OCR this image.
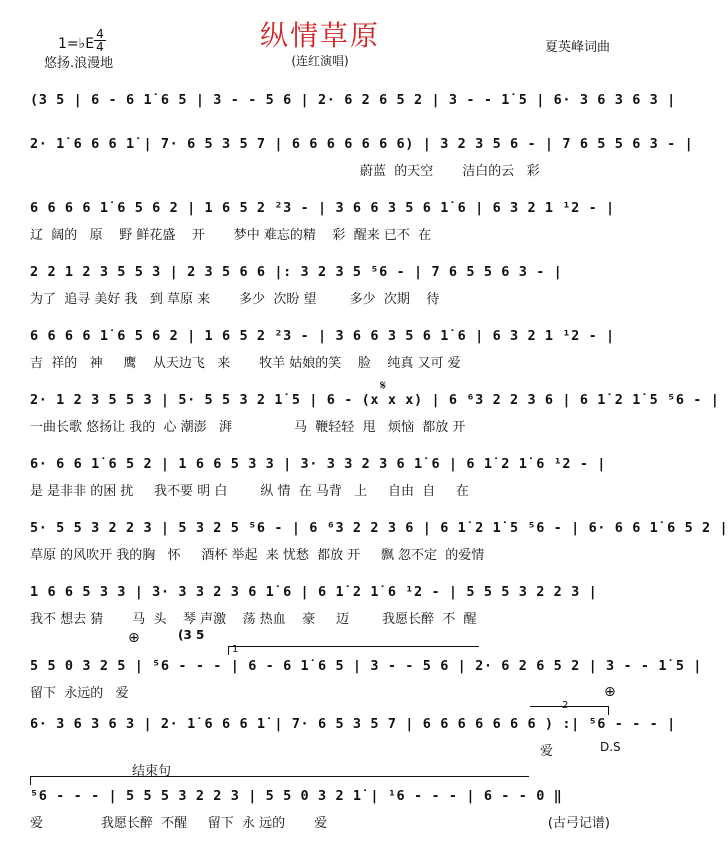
纵情草原
1=♭E
4
4
悠扬.浪漫地
夏英峰词曲
(连红演唱)
(3 5 | 6 - 6 1̇ 6 5 | 3 - - 5 6 | 2· 6 2 6 5 2 | 3 - - 1̇ 5 | 6· 3 6 3 6 3 |
2· 1̇ 6 6 6 1̇ | 7· 6 5 3 5 7 | 6 6 6 6 6 6 6) | 3 2 3 5 6 - | 7 6 5 5 6 3 - |
蔚蓝  的天空       洁白的云   彩
6 6 6 6 1̇ 6 5 6 2 | 1 6 5 2 ²3 - | 3 6 6 3 5 6 1̇ 6 | 6 3 2 1 ¹2 - |
辽  阔的   原    野 鲜花盛    开       梦中 难忘的精    彩  醒来 已不  在
2 2 1 2 3 5 5 3 | 2 3 5 6 6 |: 3 2 3 5 ⁵6 - | 7 6 5 5 6 3 - |
为了  追寻 美好 我   到 草原 来       多少  次盼 望        多少  次期    待
6 6 6 6 1̇ 6 5 6 2 | 1 6 5 2 ²3 - | 3 6 6 3 5 6 1̇ 6 | 6 3 2 1 ¹2 - |
吉  祥的   神     鹰    从天边飞   来       牧羊 姑娘的笑    脸    纯真 又可 爱
𝄋
2· 1 2 3 5 5 3 | 5· 5 5 3 2 1̇ 5 | 6 - (x x x) | 6 ⁶3 2 2 3 6 | 6 1̇ 2 1̇ 5 ⁵6 - |
一曲长歌 悠扬让 我的  心 潮澎   湃               马  鞭轻轻  甩   烦恼  都放 开
6· 6 6 1̇ 6 5 2 | 1 6 6 5 3 3 | 3· 3 3 2 3 6 1̇ 6 | 6 1̇ 2 1̇ 6 ¹2 - |
是 是非非 的困 扰     我不要 明 白        纵 情  在 马背   上     自由  自     在
5· 5 5 3 2 2 3 | 5 3 2 5 ⁵6 - | 6 ⁶3 2 2 3 6 | 6 1̇ 2 1̇ 5 ⁵6 - | 6· 6 6 1̇ 6 5 2 |
草原 的风吹开 我的胸   怀     酒杯 举起  来 忧愁  都放 开     飘 忽不定  的爱情
1 6 6 5 3 3 | 3· 3 3 2 3 6 1̇ 6 | 6 1̇ 2 1̇ 6 ¹2 - | 5 5 5 3 2 2 3 |
我不 想去 猜       马  头    琴 声激    荡 热血    豪     迈        我愿长醉  不  醒
⊕	(3 5
1
5 5 0 3 2 5 | ⁵6 - - - | 6 - 6 1̇ 6 5 | 3 - - 5 6 | 2· 6 2 6 5 2 | 3 - - 1̇ 5 |
留下  永远的   爱	⊕
2
6· 3 6 3 6 3 | 2· 1̇ 6 6 6 1̇ | 7· 6 5 3 5 7 | 6 6 6 6 6 6 6 ) :| ⁵6 - - - |
爱	D.S
结束句
⁵6 - - - | 5 5 5 3 2 2 3 | 5 5 0 3 2 1̇ | ¹6 - - - | 6 - - 0 ‖
爱              我愿长醉  不醒     留下  永 远的       爱	(古弓记谱)
